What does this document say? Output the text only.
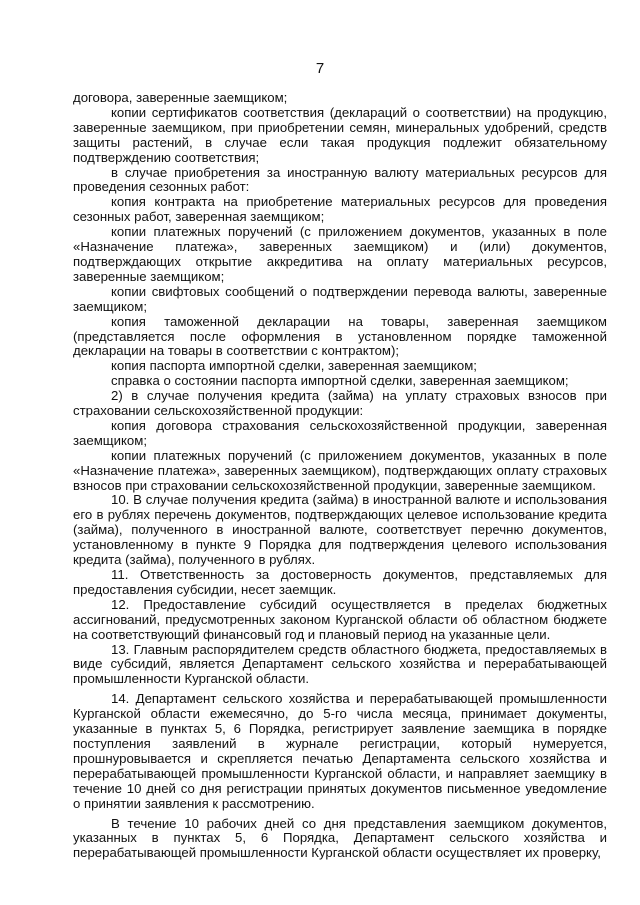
7

договора, заверенные заемщиком;

копии сертификатов соответствия (деклараций о соответствии) на продукцию, заверенные заемщиком, при приобретении семян, минеральных удобрений, средств защиты растений, в случае если такая продукция подлежит обязательному подтверждению соответствия;

в случае приобретения за иностранную валюту материальных ресурсов для проведения сезонных работ:

копия контракта на приобретение материальных ресурсов для проведения сезонных работ, заверенная заемщиком;

копии платежных поручений (с приложением документов, указанных в поле «Назначение платежа», заверенных заемщиком) и (или) документов, подтверждающих открытие аккредитива на оплату материальных ресурсов, заверенные заемщиком;

копии свифтовых сообщений о подтверждении перевода валюты, заверенные заемщиком;

копия таможенной декларации на товары, заверенная заемщиком (представляется после оформления в установленном порядке таможенной декларации на товары в соответствии с контрактом);

копия паспорта импортной сделки, заверенная заемщиком;

справка о состоянии паспорта импортной сделки, заверенная заемщиком;

2) в случае получения кредита (займа) на уплату страховых взносов при страховании сельскохозяйственной продукции:

копия договора страхования сельскохозяйственной продукции, заверенная заемщиком;

копии платежных поручений (с приложением документов, указанных в поле «Назначение платежа», заверенных заемщиком), подтверждающих оплату страховых взносов при страховании сельскохозяйственной продукции, заверенные заемщиком.

10. В случае получения кредита (займа) в иностранной валюте и использования его в рублях перечень документов, подтверждающих целевое использование кредита (займа), полученного в иностранной валюте, соответствует перечню документов, установленному в пункте 9 Порядка для подтверждения целевого использования кредита (займа), полученного в рублях.

11. Ответственность за достоверность документов, представляемых для предоставления субсидии, несет заемщик.

12. Предоставление субсидий осуществляется в пределах бюджетных ассигнований, предусмотренных законом Курганской области об областном бюджете на соответствующий финансовый год и плановый период на указанные цели.

13. Главным распорядителем средств областного бюджета, предоставляемых в виде субсидий, является Департамент сельского хозяйства и перерабатывающей промышленности Курганской области.

14. Департамент сельского хозяйства и перерабатывающей промышленности Курганской области ежемесячно, до 5-го числа месяца, принимает документы, указанные в пунктах 5, 6 Порядка, регистрирует заявление заемщика в порядке поступления заявлений в журнале регистрации, который нумеруется, прошнуровывается и скрепляется печатью Департамента сельского хозяйства и перерабатывающей промышленности Курганской области, и направляет заемщику в течение 10 дней со дня регистрации принятых документов письменное уведомление о принятии заявления к рассмотрению.

В течение 10 рабочих дней со дня представления заемщиком документов, указанных в пунктах 5, 6 Порядка, Департамент сельского хозяйства и перерабатывающей промышленности Курганской области осуществляет их проверку,
